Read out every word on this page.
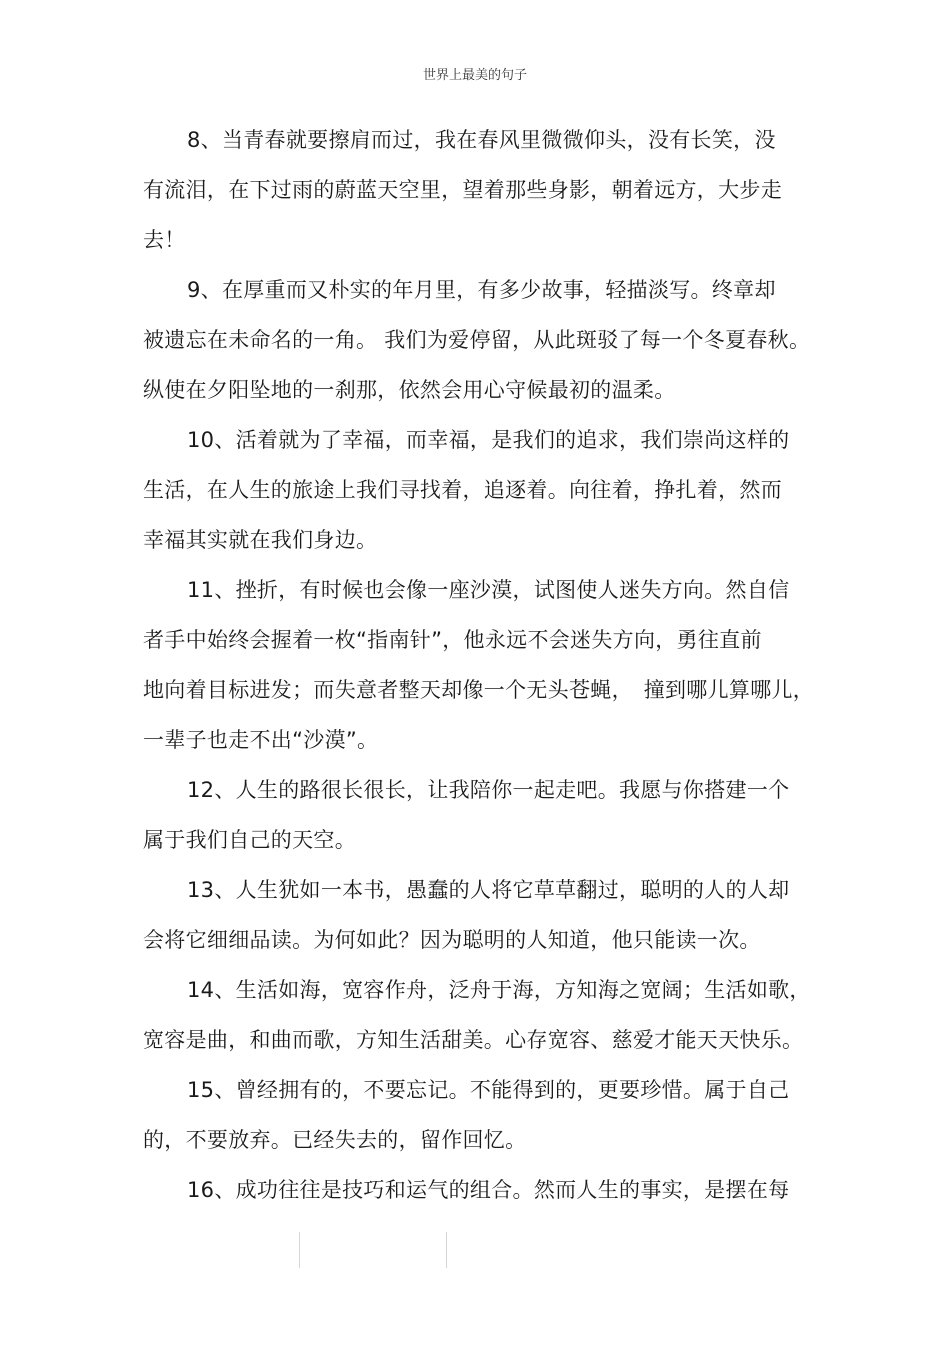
世界上最美的句子

8、当青春就要擦肩而过，我在春风里微微仰头，没有长笑，没
有流泪，在下过雨的蔚蓝天空里，望着那些身影，朝着远方，大步走
去！

9、在厚重而又朴实的年月里，有多少故事，轻描淡写。终章却
被遗忘在未命名的一角。 我们为爱停留，从此斑驳了每一个冬夏春秋。
纵使在夕阳坠地的一刹那，依然会用心守候最初的温柔。

10、活着就为了幸福，而幸福，是我们的追求，我们崇尚这样的
生活，在人生的旅途上我们寻找着，追逐着。向往着，挣扎着，然而
幸福其实就在我们身边。

11、挫折，有时候也会像一座沙漠，试图使人迷失方向。然自信
者手中始终会握着一枚“指南针”，他永远不会迷失方向，勇往直前
地向着目标进发；而失意者整天却像一个无头苍蝇，　撞到哪儿算哪儿，
一辈子也走不出“沙漠”。

12、人生的路很长很长，让我陪你一起走吧。我愿与你搭建一个
属于我们自己的天空。

13、人生犹如一本书，愚蠢的人将它草草翻过，聪明的人的人却
会将它细细品读。为何如此？因为聪明的人知道，他只能读一次。

14、生活如海，宽容作舟，泛舟于海，方知海之宽阔；生活如歌，
宽容是曲，和曲而歌，方知生活甜美。心存宽容、慈爱才能天天快乐。

15、曾经拥有的，不要忘记。不能得到的，更要珍惜。属于自己
的，不要放弃。已经失去的，留作回忆。

16、成功往往是技巧和运气的组合。然而人生的事实，是摆在每
